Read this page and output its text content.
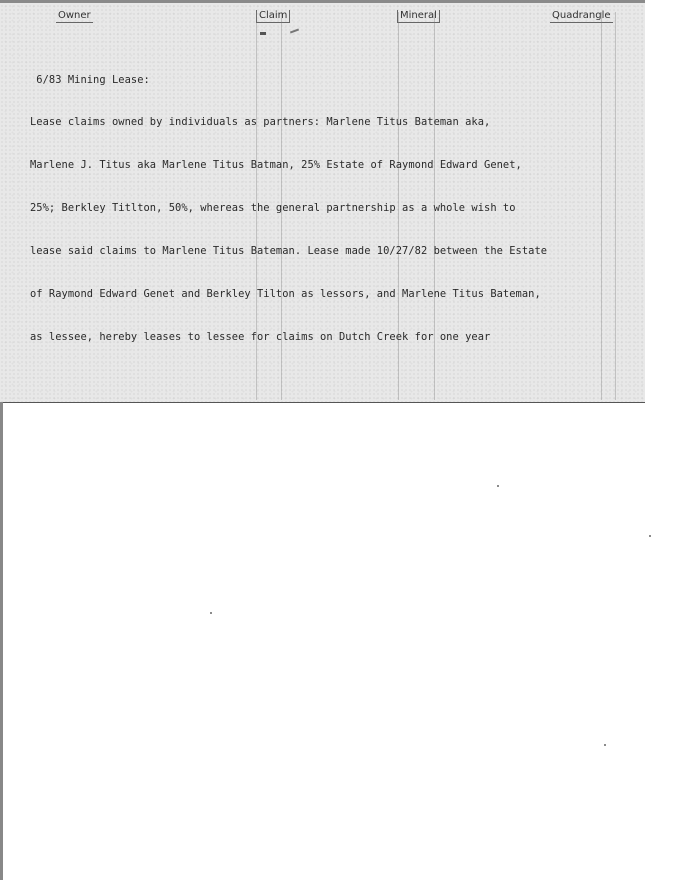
Owner	Claim	Mineral	Quadrangle

6/83 Mining Lease:

Lease claims owned by individuals as partners: Marlene Titus Bateman aka,

Marlene J. Titus aka Marlene Titus Batman, 25% Estate of Raymond Edward Genet,

25%; Berkley Titlton, 50%, whereas the general partnership as a whole wish to

lease said claims to Marlene Titus Bateman. Lease made 10/27/82 between the Estate

of Raymond Edward Genet and Berkley Tilton as lessors, and Marlene Titus Bateman,

as lessee, hereby leases to lessee for claims on Dutch Creek for one year
